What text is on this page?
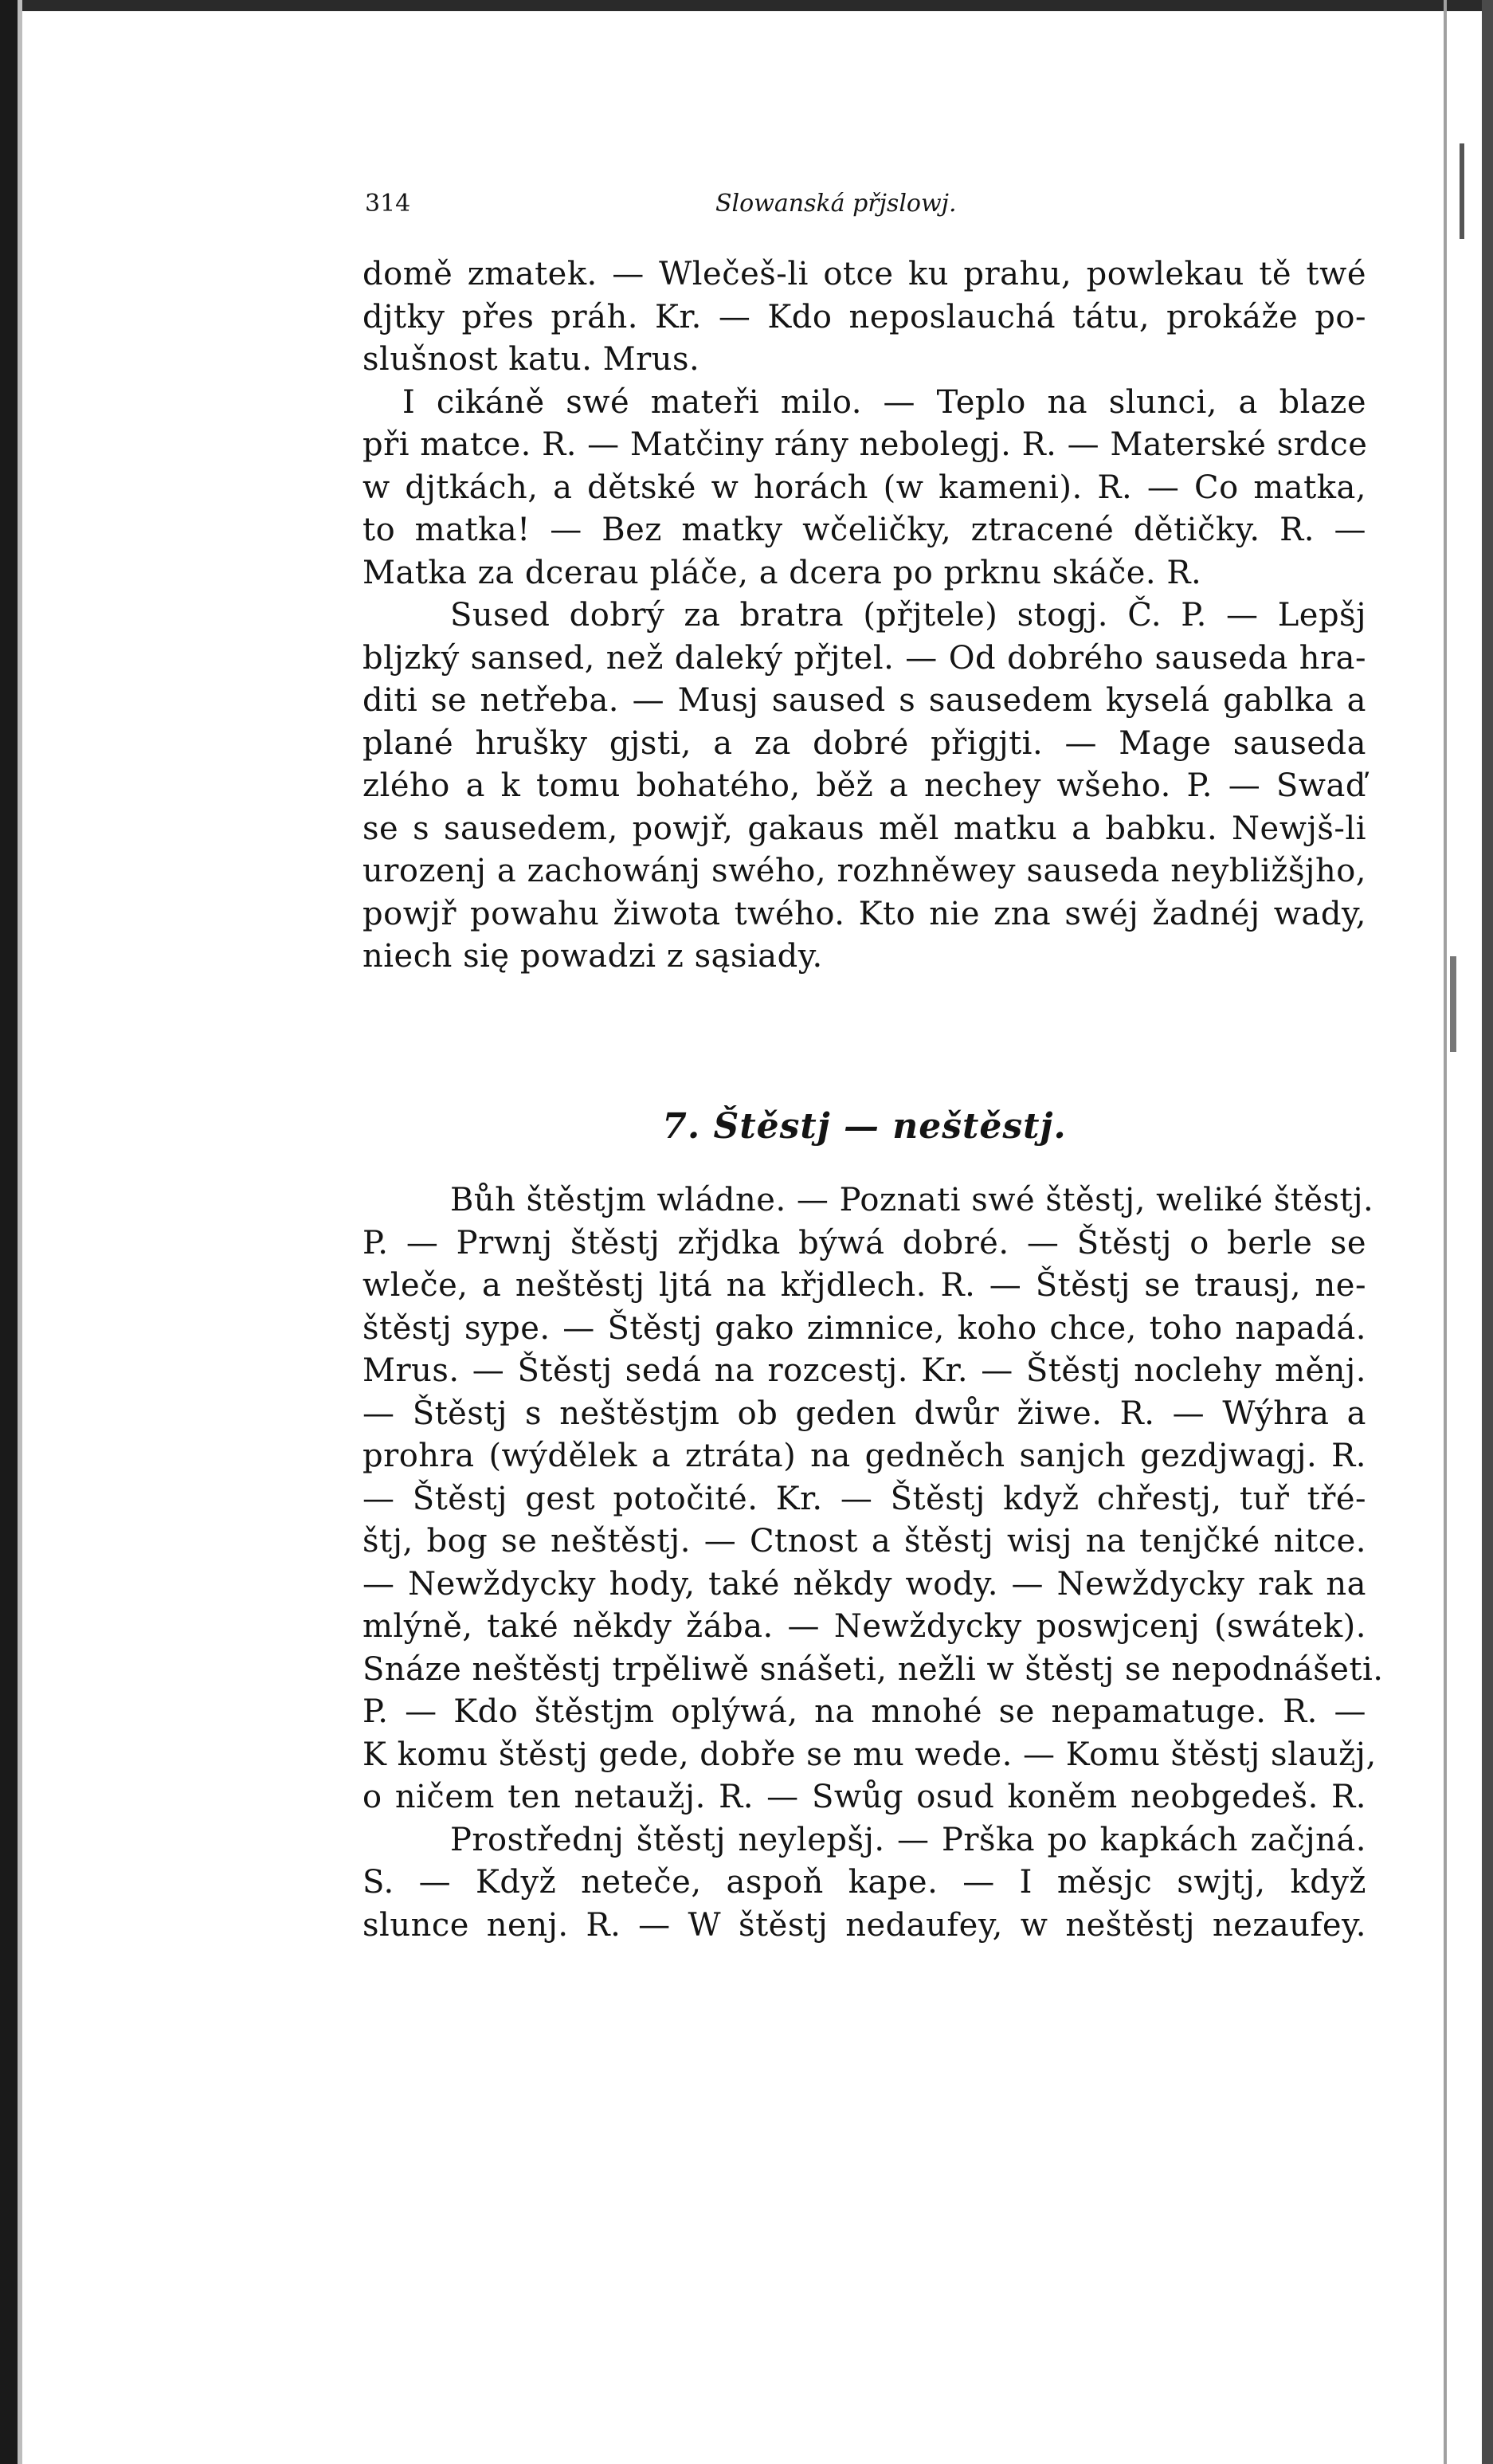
314	Slowanská přjslowj.
domě zmatek. — Wlečeš-li otce ku prahu, powlekau tě twé
djtky přes práh. Kr. — Kdo neposlauchá tátu, prokáže po-
slušnost katu. Mrus.
I cikáně swé mateři milo. — Teplo na slunci, a blaze
při matce. R. — Matčiny rány nebolegj. R. — Materské srdce
w djtkách, a dětské w horách (w kameni). R. — Co matka,
to matka! — Bez matky wčeličky, ztracené dětičky. R. —
Matka za dcerau pláče, a dcera po prknu skáče. R.
Sused dobrý za bratra (přjtele) stogj. Č. P. — Lepšj
bljzký sansed, než daleký přjtel. — Od dobrého sauseda hra-
diti se netřeba. — Musj saused s sausedem kyselá gablka a
plané hrušky gjsti, a za dobré přigjti. — Mage sauseda
zlého a k tomu bohatého, běž a nechey wšeho. P. — Swaď
se s sausedem, powjř, gakaus měl matku a babku. Newjš-li
urozenj a zachowánj swého, rozhněwey sauseda neybližšjho,
powjř powahu žiwota twého. Kto nie zna swéj žadnéj wady,
niech się powadzi z sąsiady.
7. Štěstj — neštěstj.
Bůh štěstjm wládne. — Poznati swé štěstj, weliké štěstj.
P. — Prwnj štěstj zřjdka býwá dobré. — Štěstj o berle se
wleče, a neštěstj ljtá na křjdlech. R. — Štěstj se trausj, ne-
štěstj sype. — Štěstj gako zimnice, koho chce, toho napadá.
Mrus. — Štěstj sedá na rozcestj. Kr. — Štěstj noclehy měnj.
— Štěstj s neštěstjm ob geden dwůr žiwe. R. — Wýhra a
prohra (wýdělek a ztráta) na gedněch sanjch gezdjwagj. R.
— Štěstj gest potočité. Kr. — Štěstj když chřestj, tuř třé-
štj, bog se neštěstj. — Ctnost a štěstj wisj na tenjčké nitce.
— Newždycky hody, také někdy wody. — Newždycky rak na
mlýně, také někdy žába. — Newždycky poswjcenj (swátek).
Snáze neštěstj trpěliwě snášeti, nežli w štěstj se nepodnášeti.
P. — Kdo štěstjm oplýwá, na mnohé se nepamatuge. R. —
K komu štěstj gede, dobře se mu wede. — Komu štěstj slaužj,
o ničem ten netaužj. R. — Swůg osud koněm neobgedeš. R.
Prostřednj štěstj neylepšj. — Prška po kapkách začjná.
S. — Když netečе, aspoň kape. — I měsjc swjtj, když
slunce nenj. R. — W štěstj nedaufey, w neštěstj nezaufey.
